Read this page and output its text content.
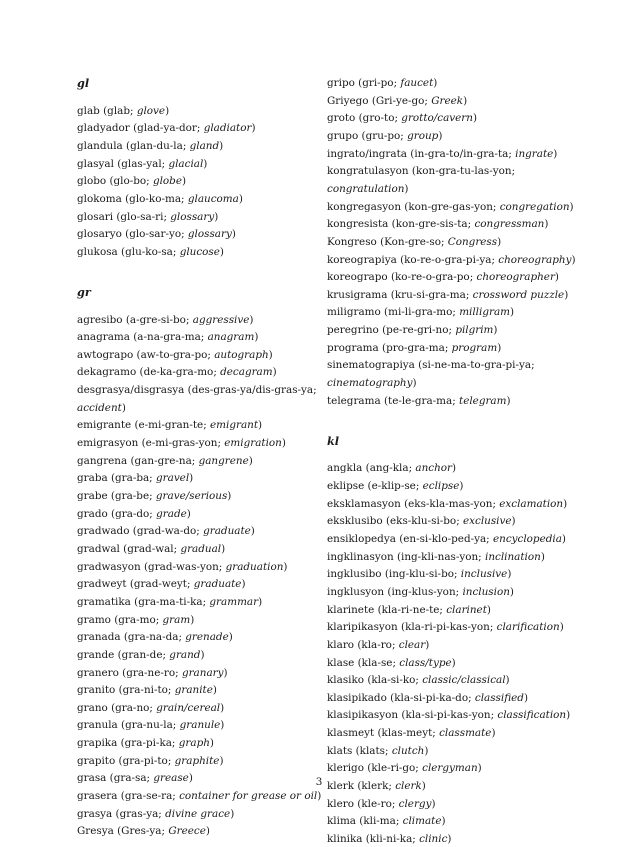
gl
glab (glab; glove)
gladyador (glad-ya-dor; gladiator)
glandula (glan-du-la; gland)
glasyal (glas-yal; glacial)
globo (glo-bo; globe)
glokoma (glo-ko-ma; glaucoma)
glosari (glo-sa-ri; glossary)
glosaryo (glo-sar-yo; glossary)
glukosa (glu-ko-sa; glucose)
gr
agresibo (a-gre-si-bo; aggressive)
anagrama (a-na-gra-ma; anagram)
awtograpo (aw-to-gra-po; autograph)
dekagramo (de-ka-gra-mo; decagram)
desgrasya/disgrasya (des-gras-ya/dis-gras-ya;
accident)
emigrante (e-mi-gran-te; emigrant)
emigrasyon (e-mi-gras-yon; emigration)
gangrena (gan-gre-na; gangrene)
graba (gra-ba; gravel)
grabe (gra-be; grave/serious)
grado (gra-do; grade)
gradwado (grad-wa-do; graduate)
gradwal (grad-wal; gradual)
gradwasyon (grad-was-yon; graduation)
gradweyt (grad-weyt; graduate)
gramatika (gra-ma-ti-ka; grammar)
gramo (gra-mo; gram)
granada (gra-na-da; grenade)
grande (gran-de; grand)
granero (gra-ne-ro; granary)
granito (gra-ni-to; granite)
grano (gra-no; grain/cereal)
granula (gra-nu-la; granule)
grapika (gra-pi-ka; graph)
grapito (gra-pi-to; graphite)
grasa (gra-sa; grease)
grasera (gra-se-ra; container for grease or oil)
grasya (gras-ya; divine grace)
Gresya (Gres-ya; Greece)
gripo (gri-po; faucet)
Griyego (Gri-ye-go; Greek)
groto (gro-to; grotto/cavern)
grupo (gru-po; group)
ingrato/ingrata (in-gra-to/in-gra-ta; ingrate)
kongratulasyon (kon-gra-tu-las-yon;
congratulation)
kongregasyon (kon-gre-gas-yon; congregation)
kongresista (kon-gre-sis-ta; congressman)
Kongreso (Kon-gre-so; Congress)
koreograpiya (ko-re-o-gra-pi-ya; choreography)
koreograpo (ko-re-o-gra-po; choreographer)
krusigrama (kru-si-gra-ma; crossword puzzle)
miligramo (mi-li-gra-mo; milligram)
peregrino (pe-re-gri-no; pilgrim)
programa (pro-gra-ma; program)
sinematograpiya (si-ne-ma-to-gra-pi-ya;
cinematography)
telegrama (te-le-gra-ma; telegram)
kl
angkla (ang-kla; anchor)
eklipse (e-klip-se; eclipse)
eksklamasyon (eks-kla-mas-yon; exclamation)
eksklusibo (eks-klu-si-bo; exclusive)
ensiklopedya (en-si-klo-ped-ya; encyclopedia)
ingklinasyon (ing-kli-nas-yon; inclination)
ingklusibo (ing-klu-si-bo; inclusive)
ingklusyon (ing-klus-yon; inclusion)
klarinete (kla-ri-ne-te; clarinet)
klaripikasyon (kla-ri-pi-kas-yon; clarification)
klaro (kla-ro; clear)
klase (kla-se; class/type)
klasiko (kla-si-ko; classic/classical)
klasipikado (kla-si-pi-ka-do; classified)
klasipikasyon (kla-si-pi-kas-yon; classification)
klasmeyt (klas-meyt; classmate)
klats (klats; clutch)
klerigo (kle-ri-go; clergyman)
klerk (klerk; clerk)
klero (kle-ro; clergy)
klima (kli-ma; climate)
klinika (kli-ni-ka; clinic)
3
